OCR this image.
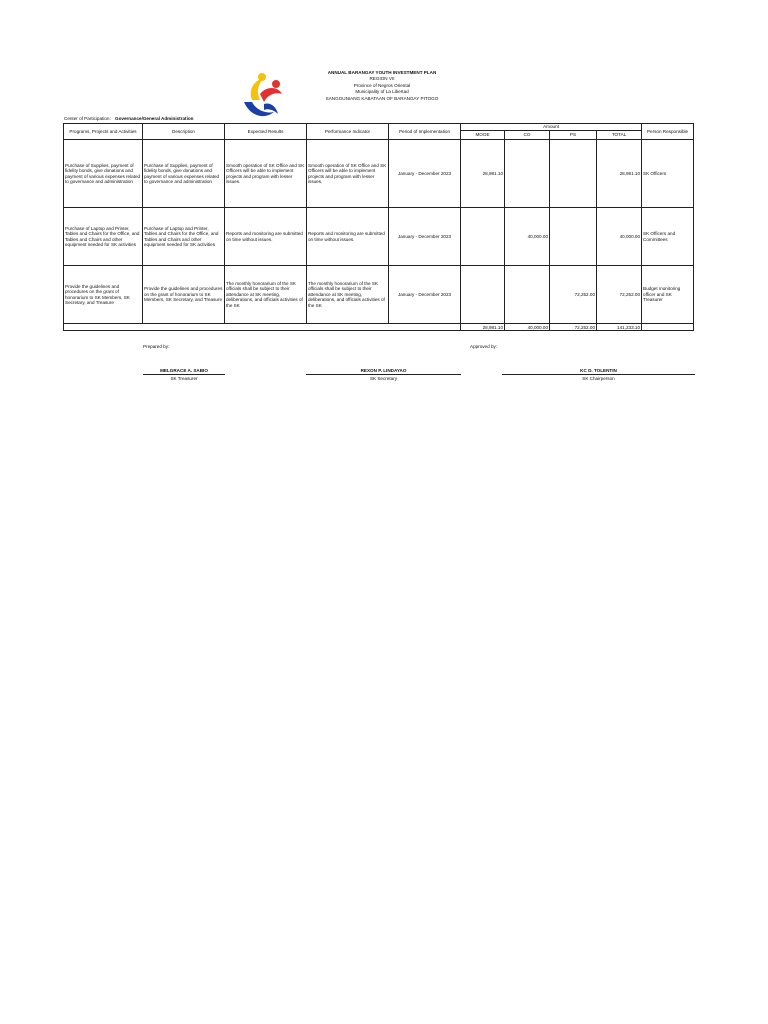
ANNUAL BARANGAY YOUTH INVESTMENT PLAN
REGION VII
Province of Negros Oriental
Municipality of La Libertad
SANGGUNIANG KABATAAN OF BARANGAY PITOGO
Center of Participation: Governance/General Administration
Programs, Projects and Activities	Description	Expected Results	Performance Indicator	Period of Implementation	Amount				Person Responsible
					MOOE	CO	PS	TOTAL	
Purchase of Supplies, payment of fidelity bonds, give donations and payment of various expenses related to governance and administration	Purchase of Supplies, payment of fidelity bonds, give donations and payment of various expenses related to governance and administration	Smooth operation of SK Office and SK Officers will be able to implement projects and program with lesser issues.	Smooth operation of SK Office and SK Officers will be able to implement projects and program with lesser issues.	January - December 2023	28,981.10			28,981.10	SK Officers
Purchase of Laptop and Printer, Tables and Chairs for the Office, and Tables and Chairs and other equipment needed for SK activities	Purchase of Laptop and Printer, Tables and Chairs for the Office, and Tables and Chairs and other equipment needed for SK activities	Reports and monitoring are submitted on time without issues.	Reports and monitoring are submitted on time without issues.	January - December 2023		40,000.00		40,000.00	SK Officers and Committees
Provide the guidelines and procedures on the grant of honorarium to SK Members, SK Secretary, and Treasure	Provide the guidelines and procedures on the grant of honorarium to SK Members, SK Secretary, and Treasure	The monthly honorarium of the SK officials shall be subject to their attendance at SK meeting, deliberations, and officials activities of the SK	The monthly honorarium of the SK officials shall be subject to their attendance at SK meeting, deliberations, and officials activities of the SK	January - December 2023			72,252.00	72,252.00	Budget monitoring officer and SK Treasurer
					28,981.10	40,000.00	72,252.00	141,233.10	
Prepared by:	Approved by:
MELGRACE A. SABIO
SK Treasurer
REXON P. LINDAYAO
SK Secretary
KC D. TOLENTIN
SK Chairperson
